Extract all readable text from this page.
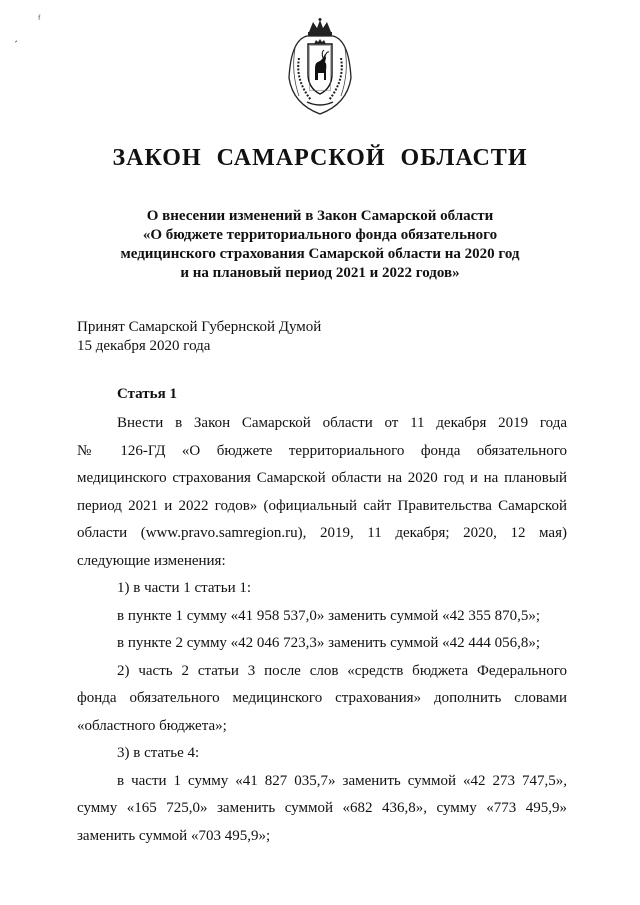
ᶠ
ˊ
ЗАКОН САМАРСКОЙ ОБЛАСТИ
О внесении изменений в Закон Самарской области
«О бюджете территориального фонда обязательного
медицинского страхования Самарской области на 2020 год
и на плановый период 2021 и 2022 годов»
Принят Самарской Губернской Думой
15 декабря 2020 года
Статья 1

Внести в Закон Самарской области от 11 декабря 2019 года

№ 126-ГД «О бюджете территориального фонда обязательного

медицинского страхования Самарской области на 2020 год и на плановый

период 2021 и 2022 годов» (официальный сайт Правительства Самарской

области (www.pravo.samregion.ru), 2019, 11 декабря; 2020, 12 мая)

следующие изменения:

1) в части 1 статьи 1:

в пункте 1 сумму «41 958 537,0» заменить суммой «42 355 870,5»;

в пункте 2 сумму «42 046 723,3» заменить суммой «42 444 056,8»;

2) часть 2 статьи 3 после слов «средств бюджета Федерального

фонда обязательного медицинского страхования» дополнить словами

«областного бюджета»;

3) в статье 4:

в части 1 сумму «41 827 035,7» заменить суммой «42 273 747,5»,

сумму «165 725,0» заменить суммой «682 436,8», сумму «773 495,9»

заменить суммой «703 495,9»;
